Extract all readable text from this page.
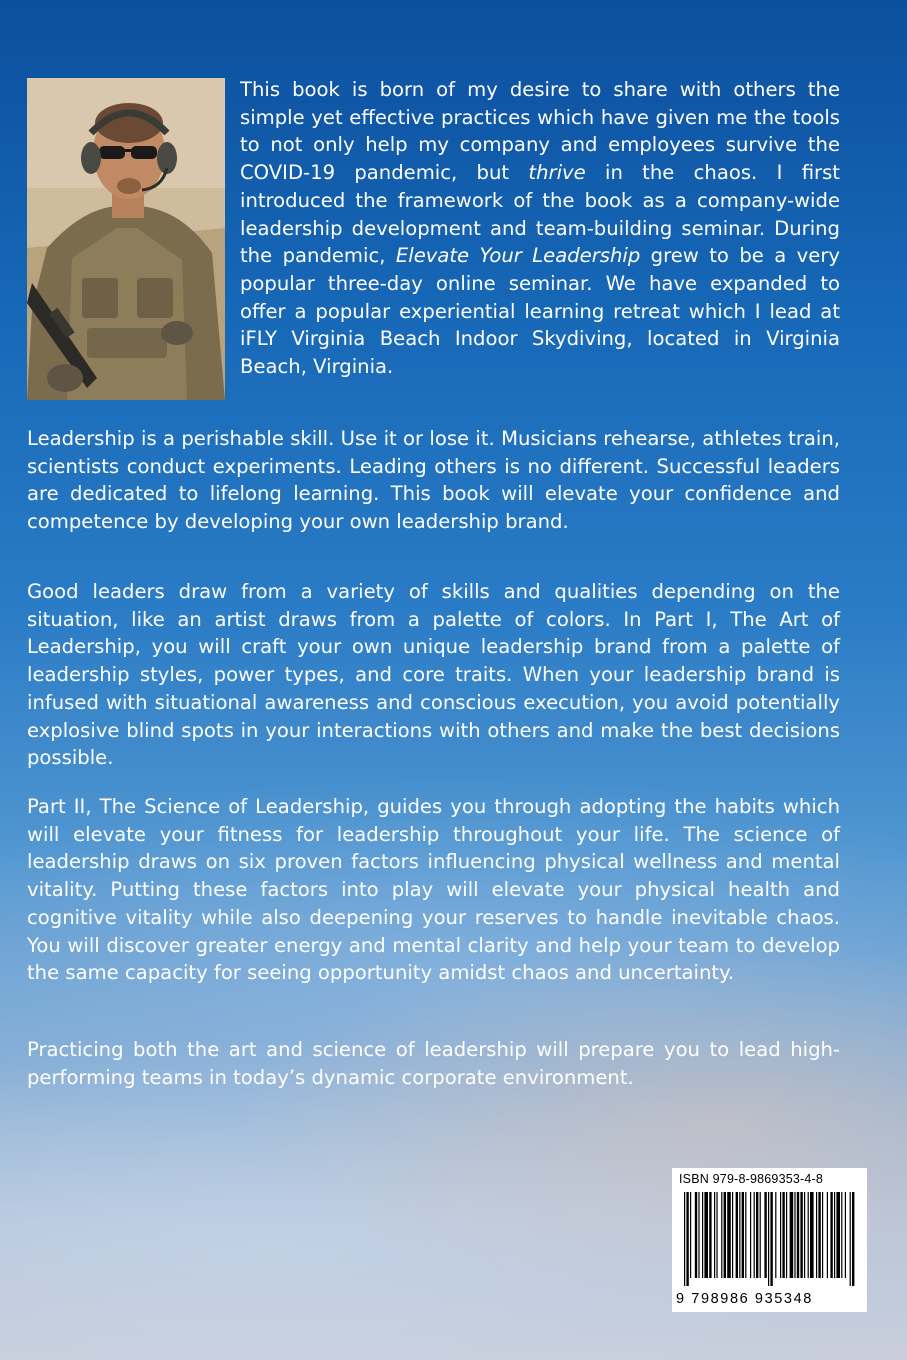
This book is born of my desire to share with others the simple yet effective practices which have given me the tools to not only help my company and employees survive the COVID-19 pandemic, but thrive in the chaos. I first introduced the framework of the book as a company-wide leadership development and team-building seminar. During the pandemic, Elevate Your Leadership grew to be a very popular three-day online seminar. We have expanded to offer a popular experiential learning retreat which I lead at iFLY Virginia Beach Indoor Skydiving, located in Virginia Beach, Virginia.

Leadership is a perishable skill. Use it or lose it. Musicians rehearse, athletes train, scientists conduct experiments. Leading others is no different. Successful leaders are dedicated to lifelong learning. This book will elevate your confidence and competence by developing your own leadership brand.

Good leaders draw from a variety of skills and qualities depending on the situation, like an artist draws from a palette of colors. In Part I, The Art of Leadership, you will craft your own unique leadership brand from a palette of leadership styles, power types, and core traits. When your leadership brand is infused with situational awareness and conscious execution, you avoid potentially explosive blind spots in your interactions with others and make the best decisions possible.

Part II, The Science of Leadership, guides you through adopting the habits which will elevate your fitness for leadership throughout your life. The science of leadership draws on six proven factors influencing physical wellness and mental vitality. Putting these factors into play will elevate your physical health and cognitive vitality while also deepening your reserves to handle inevitable chaos. You will discover greater energy and mental clarity and help your team to develop the same capacity for seeing opportunity amidst chaos and uncertainty.

Practicing both the art and science of leadership will prepare you to lead high-performing teams in today’s dynamic corporate environment.

ISBN 979-8-9869353-4-8
9 798986 935348
